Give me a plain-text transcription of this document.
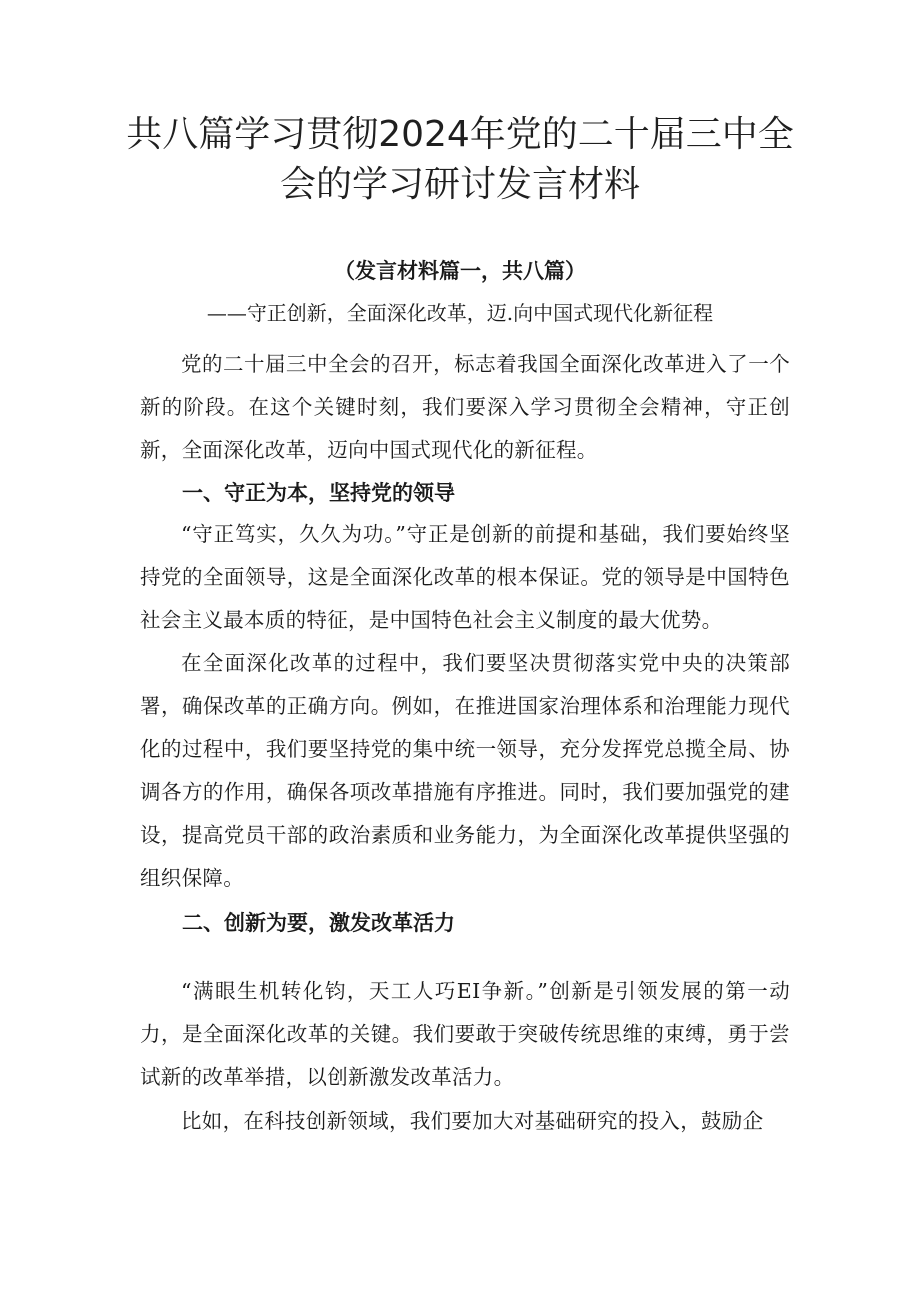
共八篇学习贯彻2024年党的二十届三中全
会的学习研讨发言材料

（发言材料篇一，共八篇）

——守正创新，全面深化改革，迈.向中国式现代化新征程

党的二十届三中全会的召开，标志着我国全面深化改革进入了一个新的阶段。在这个关键时刻，我们要深入学习贯彻全会精神，守正创新，全面深化改革，迈向中国式现代化的新征程。

一、守正为本，坚持党的领导

“守正笃实，久久为功。”守正是创新的前提和基础，我们要始终坚持党的全面领导，这是全面深化改革的根本保证。党的领导是中国特色社会主义最本质的特征，是中国特色社会主义制度的最大优势。

在全面深化改革的过程中，我们要坚决贯彻落实党中央的决策部署，确保改革的正确方向。例如，在推进国家治理体系和治理能力现代化的过程中，我们要坚持党的集中统一领导，充分发挥党总揽全局、协调各方的作用，确保各项改革措施有序推进。同时，我们要加强党的建设，提高党员干部的政治素质和业务能力，为全面深化改革提供坚强的组织保障。

二、创新为要，激发改革活力

“满眼生机转化钧，天工人巧EI争新。”创新是引领发展的第一动力，是全面深化改革的关键。我们要敢于突破传统思维的束缚，勇于尝试新的改革举措，以创新激发改革活力。

比如，在科技创新领域，我们要加大对基础研究的投入，鼓励企
